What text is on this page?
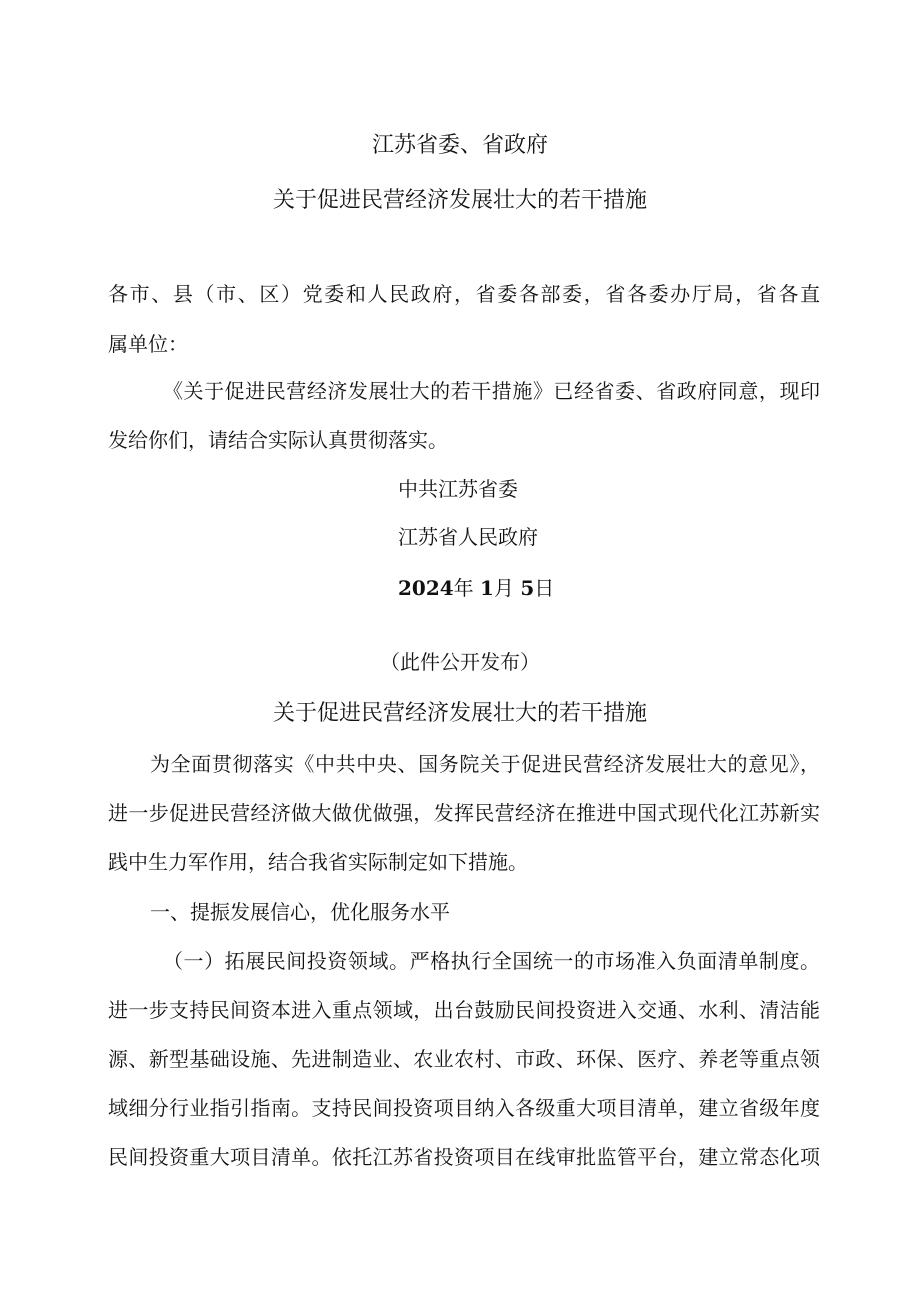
江苏省委、省政府
关于促进民营经济发展壮大的若干措施
各市、县（市、区）党委和人民政府，省委各部委，省各委办厅局，省各直
属单位：
《关于促进民营经济发展壮大的若干措施》已经省委、省政府同意，现印
发给你们，请结合实际认真贯彻落实。
中共江苏省委
江苏省人民政府
2024年 1月 5日
（此件公开发布）
关于促进民营经济发展壮大的若干措施
为全面贯彻落实《中共中央、国务院关于促进民营经济发展壮大的意见》，
进一步促进民营经济做大做优做强，发挥民营经济在推进中国式现代化江苏新实
践中生力军作用，结合我省实际制定如下措施。
一、提振发展信心，优化服务水平
（一）拓展民间投资领域。严格执行全国统一的市场准入负面清单制度。
进一步支持民间资本进入重点领域，出台鼓励民间投资进入交通、水利、清洁能
源、新型基础设施、先进制造业、农业农村、市政、环保、医疗、养老等重点领
域细分行业指引指南。支持民间投资项目纳入各级重大项目清单，建立省级年度
民间投资重大项目清单。依托江苏省投资项目在线审批监管平台，建立常态化项
